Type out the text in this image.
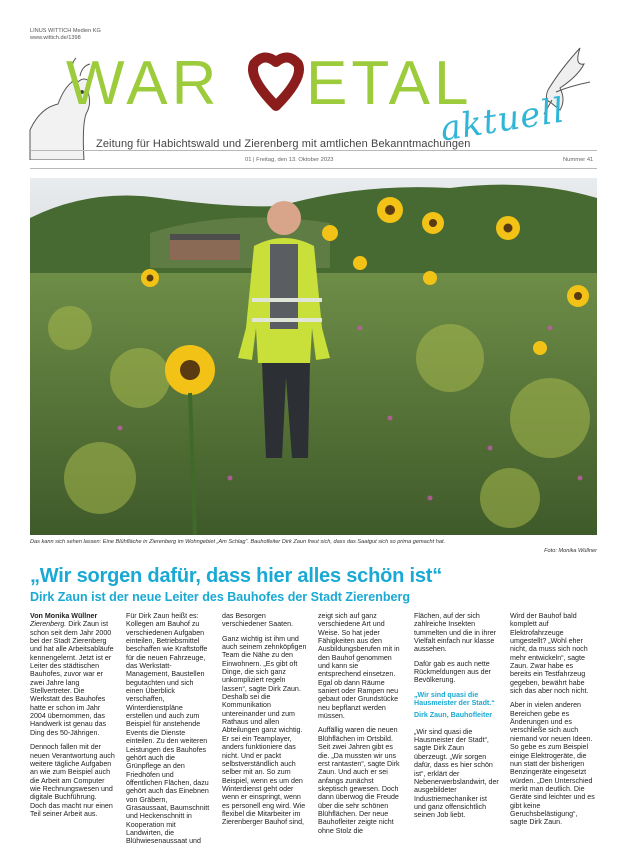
LINUS WITTICH Medien KG
www.wittich.de/1398
WAR ETAL
aktuell
Zeitung für Habichtswald und Zierenberg mit amtlichen Bekanntmachungen
01 | Freitag, den 13. Oktober 2023	Nummer 41
Das kann sich sehen lassen: Eine Blühfläche in Zierenberg im Wohngebiet „Am Schlag“. Bauhofleiter Dirk Zaun freut sich, dass das Saatgut sich so prima gemacht hat.
Foto: Monika Wüllner
„Wir sorgen dafür, dass hier alles schön ist“
Dirk Zaun ist der neue Leiter des Bauhofes der Stadt Zierenberg

Von Monika Wüllner
Zierenberg. Dirk Zaun ist schon seit dem Jahr 2000 bei der Stadt Zierenberg und hat alle Arbeitsabläufe kennengelernt. Jetzt ist er Leiter des städtischen Bauhofes, zuvor war er zwei Jahre lang Stellvertreter. Die Werkstatt des Bauhofes hatte er schon im Jahr 2004 übernommen, das Handwerk ist genau das Ding des 50-Jährigen.

Dennoch fallen mit der neuen Verantwortung auch weitere tägliche Aufgaben an wie zum Beispiel auch die Arbeit am Computer wie Rechnungswesen und digitale Buchführung. Doch das macht nur einen Teil seiner Arbeit aus.

Für Dirk Zaun heißt es: Kollegen am Bauhof zu verschiedenen Aufgaben einteilen, Betriebsmittel beschaffen wie Kraftstoffe für die neuen Fahrzeuge, das Werkstatt-Management, Baustellen begutachten und sich einen Überblick verschaffen, Winterdienstpläne erstellen und auch zum Beispiel für anstehende Events die Dienste einteilen. Zu den weiteren Leistungen des Bauhofes gehört auch die Grünpflege an den Friedhöfen und öffentlichen Flächen, dazu gehört auch das Einebnen von Gräbern, Grasaussaat, Baumschnitt und Heckenschnitt in Kooperation mit Landwirten, die Blühwiesenaussaat und

das Besorgen verschiedener Saaten.

Ganz wichtig ist ihm und auch seinem zehnköpfigen Team die Nähe zu den Einwohnern. „Es gibt oft Dinge, die sich ganz unkompliziert regeln lassen“, sagte Dirk Zaun. Deshalb sei die Kommunikation untereinander und zum Rathaus und allen Abteilungen ganz wichtig. Er sei ein Teamplayer, anders funktioniere das nicht. Und er packt selbstverständlich auch selber mit an. So zum Beispiel, wenn es um den Winterdienst geht oder wenn er einspringt, wenn es personell eng wird. Wie flexibel die Mitarbeiter im Zierenberger Bauhof sind,

zeigt sich auf ganz verschiedene Art und Weise. So hat jeder Fähigkeiten aus den Ausbildungsberufen mit in den Bauhof genommen und kann sie entsprechend einsetzen. Egal ob dann Räume saniert oder Rampen neu gebaut oder Grundstücke neu bepflanzt werden müssen.

Auffällig waren die neuen Blühflächen im Ortsbild. Seit zwei Jahren gibt es die. „Da mussten wir uns erst rantasten“, sagte Dirk Zaun. Und auch er sei anfangs zunächst skeptisch gewesen. Doch dann überwog die Freude über die sehr schönen Blühflächen. Der neue Bauhofleiter zeigte nicht ohne Stolz die

Flächen, auf der sich zahlreiche Insekten tummelten und die in ihrer Vielfalt einfach nur klasse aussehen.

Dafür gab es auch nette Rückmeldungen aus der Bevölkerung.

„Wir sind quasi die Hausmeister der Stadt.“
Dirk Zaun, Bauhofleiter

„Wir sind quasi die Hausmeister der Stadt“, sagte Dirk Zaun überzeugt. „Wir sorgen dafür, dass es hier schön ist“, erklärt der Nebenerwerbslandwirt, der ausgebildeter Industriemechaniker ist und ganz offensichtlich seinen Job liebt.

Wird der Bauhof bald komplett auf Elektrofahrzeuge umgestellt? „Wohl eher nicht, da muss sich noch mehr entwickeln“, sagte Zaun. Zwar habe es bereits ein Testfahrzeug gegeben, bewährt habe sich das aber noch nicht.

Aber in vielen anderen Bereichen gebe es Änderungen und es verschließe sich auch niemand vor neuen Ideen. So gebe es zum Beispiel einige Elektrogeräte, die nun statt der bisherigen Benzingeräte eingesetzt würden. „Den Unterschied merkt man deutlich. Die Geräte sind leichter und es gibt keine Geruchsbelästigung“, sagte Dirk Zaun.
